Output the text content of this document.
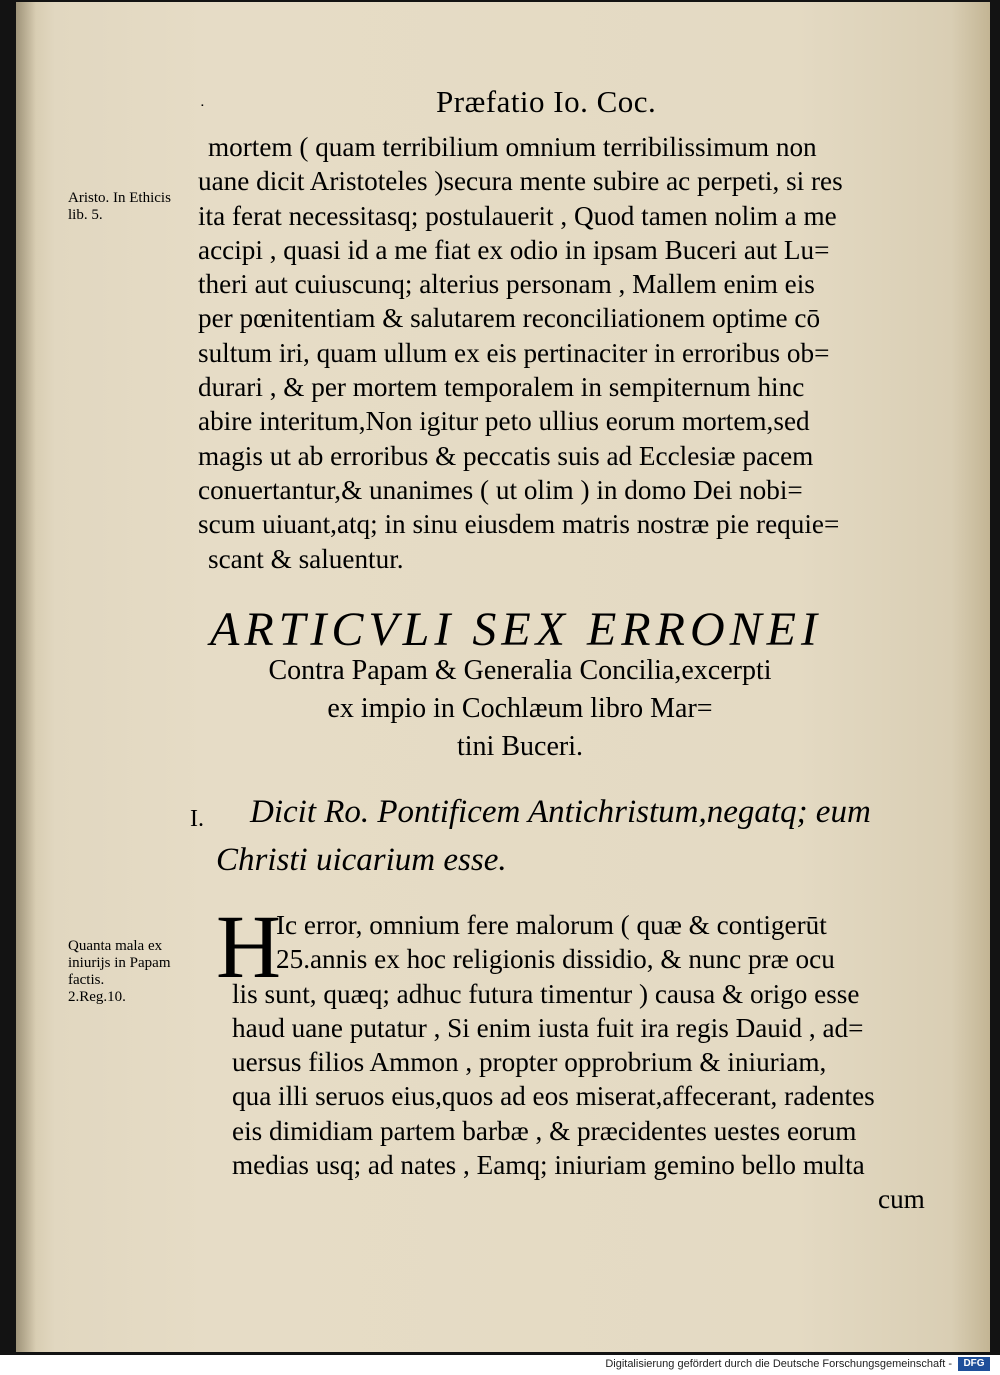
ᐧ	Præfatio Io. Coc.
Aristo. In Ethicis
lib. 5.
mortem ( quam terribilium omnium terribilissimum non
uane dicit Aristoteles )secura mente subire ac perpeti, si res
ita ferat necessitasq; postulauerit , Quod tamen nolim a me
accipi , quasi id a me fiat ex odio in ipsam Buceri aut Lu=
theri aut cuiuscunq; alterius personam , Mallem enim eis
per pœnitentiam & salutarem reconciliationem optime cō
sultum iri, quam ullum ex eis pertinaciter in erroribus ob=
durari , & per mortem temporalem in sempiternum hinc
abire interitum,Non igitur peto ullius eorum mortem,sed
magis ut ab erroribus & peccatis suis ad Ecclesiæ pacem
conuertantur,& unanimes ( ut olim ) in domo Dei nobi=
scum uiuant,atq; in sinu eiusdem matris nostræ pie requie=
scant & saluentur.
ARTICVLI SEX ERRONEI
Contra Papam & Generalia Concilia,excerpti
ex impio in Cochlæum libro Mar=
tini Buceri.
I.	Dicit Ro. Pontificem Antichristum,negatq; eum
Christi uicarium esse.
Quanta mala ex
iniurijs in Papam
factis.
2.Reg.10.	H
Ic error, omnium fere malorum ( quæ & contigerūt
25.annis ex hoc religionis dissidio, & nunc præ ocu
lis sunt, quæq; adhuc futura timentur ) causa & origo esse
haud uane putatur , Si enim iusta fuit ira regis Dauid , ad=
uersus filios Ammon , propter opprobrium & iniuriam,
qua illi seruos eius,quos ad eos miserat,affecerant, radentes
eis dimidiam partem barbæ , & præcidentes uestes eorum
medias usq; ad nates , Eamq; iniuriam gemino bello multa
cum
Digitalisierung gefördert durch die Deutsche Forschungsgemeinschaft -	DFG
